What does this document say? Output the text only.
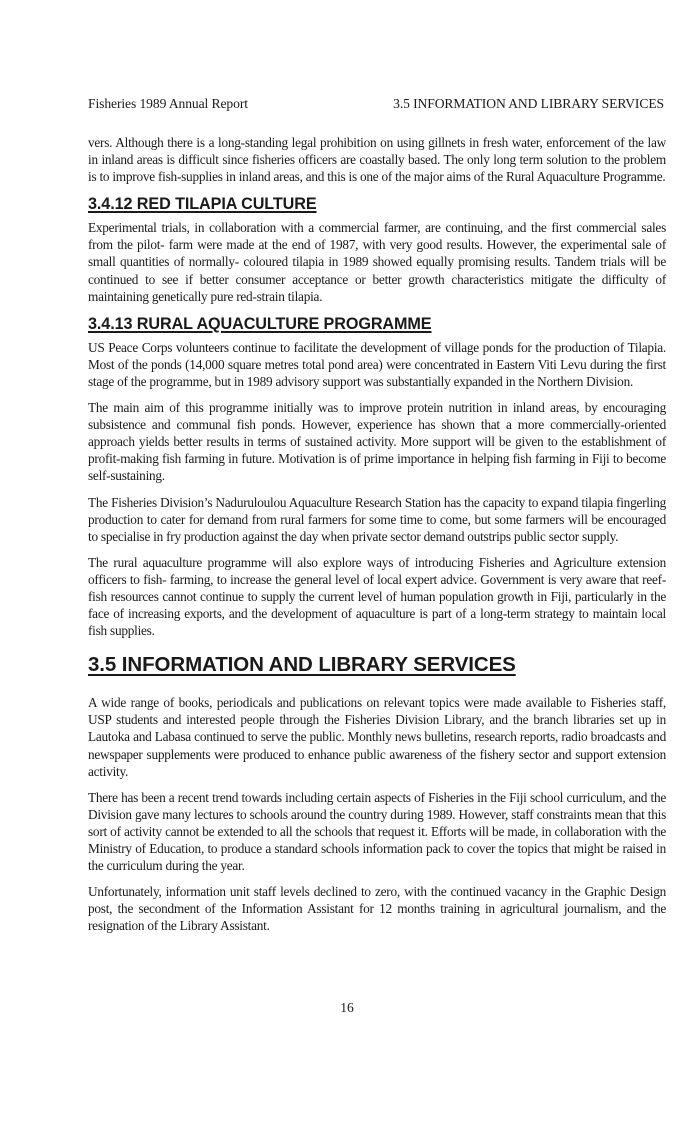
Fisheries 1989 Annual Report	3.5 INFORMATION AND LIBRARY SERVICES

vers. Although there is a long-standing legal prohibition on using gillnets in fresh water, enforcement of the law in inland areas is difficult since fisheries officers are coastally based. The only long term solution to the problem is to improve fish-supplies in inland areas, and this is one of the major aims of the Rural Aquaculture Programme.

3.4.12 RED TILAPIA CULTURE

Experimental trials, in collaboration with a commercial farmer, are continuing, and the first commercial sales from the pilot- farm were made at the end of 1987, with very good results. However, the experimental sale of small quantities of normally- coloured tilapia in 1989 showed equally promising results. Tandem trials will be continued to see if better consumer acceptance or better growth characteristics mitigate the difficulty of maintaining genetically pure red-strain tilapia.

3.4.13 RURAL AQUACULTURE PROGRAMME

US Peace Corps volunteers continue to facilitate the development of village ponds for the production of Tilapia. Most of the ponds (14,000 square metres total pond area) were concentrated in Eastern Viti Levu during the first stage of the programme, but in 1989 advisory support was substantially expanded in the Northern Division.

The main aim of this programme initially was to improve protein nutrition in inland areas, by encouraging subsistence and communal fish ponds. However, experience has shown that a more commercially-oriented approach yields better results in terms of sustained activity. More support will be given to the establishment of profit-making fish farming in future. Motivation is of prime importance in helping fish farming in Fiji to become self-sustaining.

The Fisheries Division’s Naduruloulou Aquaculture Research Station has the capacity to expand tilapia fingerling production to cater for demand from rural farmers for some time to come, but some farmers will be encouraged to specialise in fry production against the day when private sector demand outstrips public sector supply.

The rural aquaculture programme will also explore ways of introducing Fisheries and Agriculture extension officers to fish- farming, to increase the general level of local expert advice. Government is very aware that reef-fish resources cannot continue to supply the current level of human population growth in Fiji, particularly in the face of increasing exports, and the development of aquaculture is part of a long-term strategy to maintain local fish supplies.

3.5 INFORMATION AND LIBRARY SERVICES

A wide range of books, periodicals and publications on relevant topics were made available to Fisheries staff, USP students and interested people through the Fisheries Division Library, and the branch libraries set up in Lautoka and Labasa continued to serve the public. Monthly news bulletins, research reports, radio broadcasts and newspaper supplements were produced to enhance public awareness of the fishery sector and support extension activity.

There has been a recent trend towards including certain aspects of Fisheries in the Fiji school curriculum, and the Division gave many lectures to schools around the country during 1989. However, staff constraints mean that this sort of activity cannot be extended to all the schools that request it. Efforts will be made, in collaboration with the Ministry of Education, to produce a standard schools information pack to cover the topics that might be raised in the curriculum during the year.

Unfortunately, information unit staff levels declined to zero, with the continued vacancy in the Graphic Design post, the secondment of the Information Assistant for 12 months training in agricultural journalism, and the resignation of the Library Assistant.

16
